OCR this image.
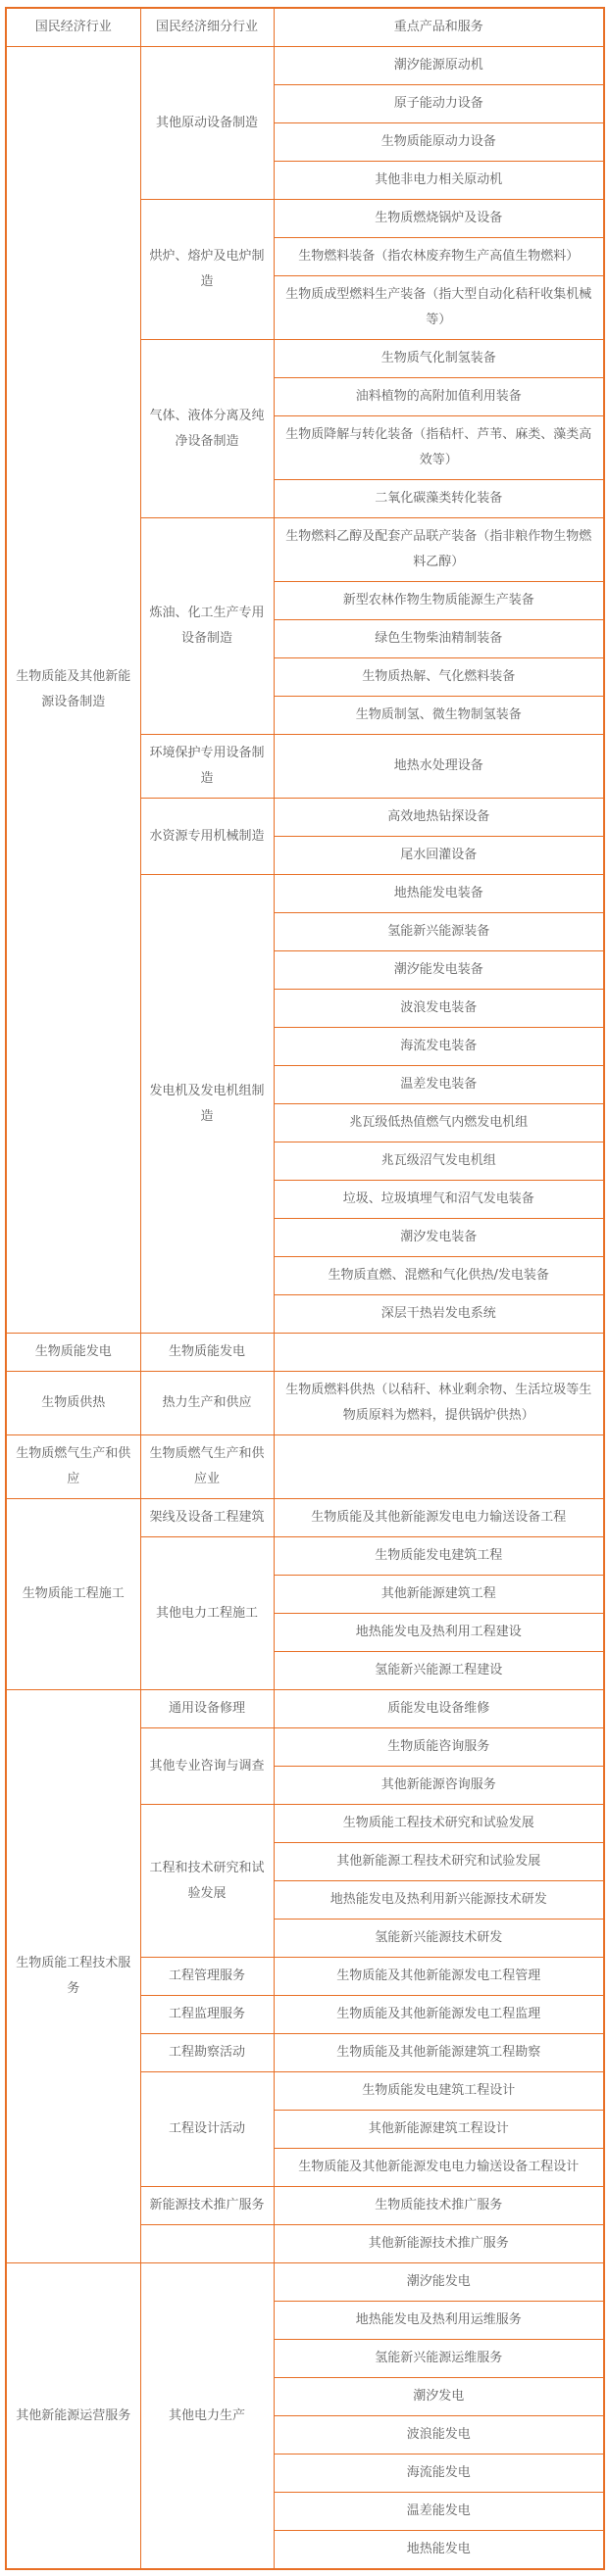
国民经济行业	国民经济细分行业	重点产品和服务
生物质能及其他新能源设备制造	其他原动设备制造	潮汐能源原动机
		原子能动力设备
		生物质能原动力设备
		其他非电力相关原动机
	烘炉、熔炉及电炉制造	生物质燃烧锅炉及设备
		生物燃料装备（指农林废弃物生产高值生物燃料）
		生物质成型燃料生产装备（指大型自动化秸秆收集机械等）
	气体、液体分离及纯净设备制造	生物质气化制氢装备
		油料植物的高附加值利用装备
		生物质降解与转化装备（指秸杆、芦苇、麻类、藻类高效等）
		二氧化碳藻类转化装备
	炼油、化工生产专用设备制造	生物燃料乙醇及配套产品联产装备（指非粮作物生物燃料乙醇）
		新型农林作物生物质能源生产装备
		绿色生物柴油精制装备
		生物质热解、气化燃料装备
		生物质制氢、微生物制氢装备
	环境保护专用设备制造	地热水处理设备
	水资源专用机械制造	高效地热钻探设备
		尾水回灌设备
	发电机及发电机组制造	地热能发电装备
		氢能新兴能源装备
		潮汐能发电装备
		波浪发电装备
		海流发电装备
		温差发电装备
		兆瓦级低热值燃气内燃发电机组
		兆瓦级沼气发电机组
		垃圾、垃圾填埋气和沼气发电装备
		潮汐发电装备
		生物质直燃、混燃和气化供热/发电装备
		深层干热岩发电系统
生物质能发电	生物质能发电	
生物质供热	热力生产和供应	生物质燃料供热（以秸秆、林业剩余物、生活垃圾等生物质原料为燃料，提供锅炉供热）
生物质燃气生产和供应	生物质燃气生产和供应业	
生物质能工程施工	架线及设备工程建筑	生物质能及其他新能源发电电力输送设备工程
	其他电力工程施工	生物质能发电建筑工程
		其他新能源建筑工程
		地热能发电及热利用工程建设
		氢能新兴能源工程建设
生物质能工程技术服务	通用设备修理	质能发电设备维修
	其他专业咨询与调查	生物质能咨询服务
		其他新能源咨询服务
	工程和技术研究和试验发展	生物质能工程技术研究和试验发展
		其他新能源工程技术研究和试验发展
		地热能发电及热利用新兴能源技术研发
		氢能新兴能源技术研发
	工程管理服务	生物质能及其他新能源发电工程管理
	工程监理服务	生物质能及其他新能源发电工程监理
	工程勘察活动	生物质能及其他新能源建筑工程勘察
	工程设计活动	生物质能发电建筑工程设计
		其他新能源建筑工程设计
		生物质能及其他新能源发电电力输送设备工程设计
	新能源技术推广服务	生物质能技术推广服务
		其他新能源技术推广服务
其他新能源运营服务	其他电力生产	潮汐能发电
		地热能发电及热利用运维服务
		氢能新兴能源运维服务
		潮汐发电
		波浪能发电
		海流能发电
		温差能发电
		地热能发电
